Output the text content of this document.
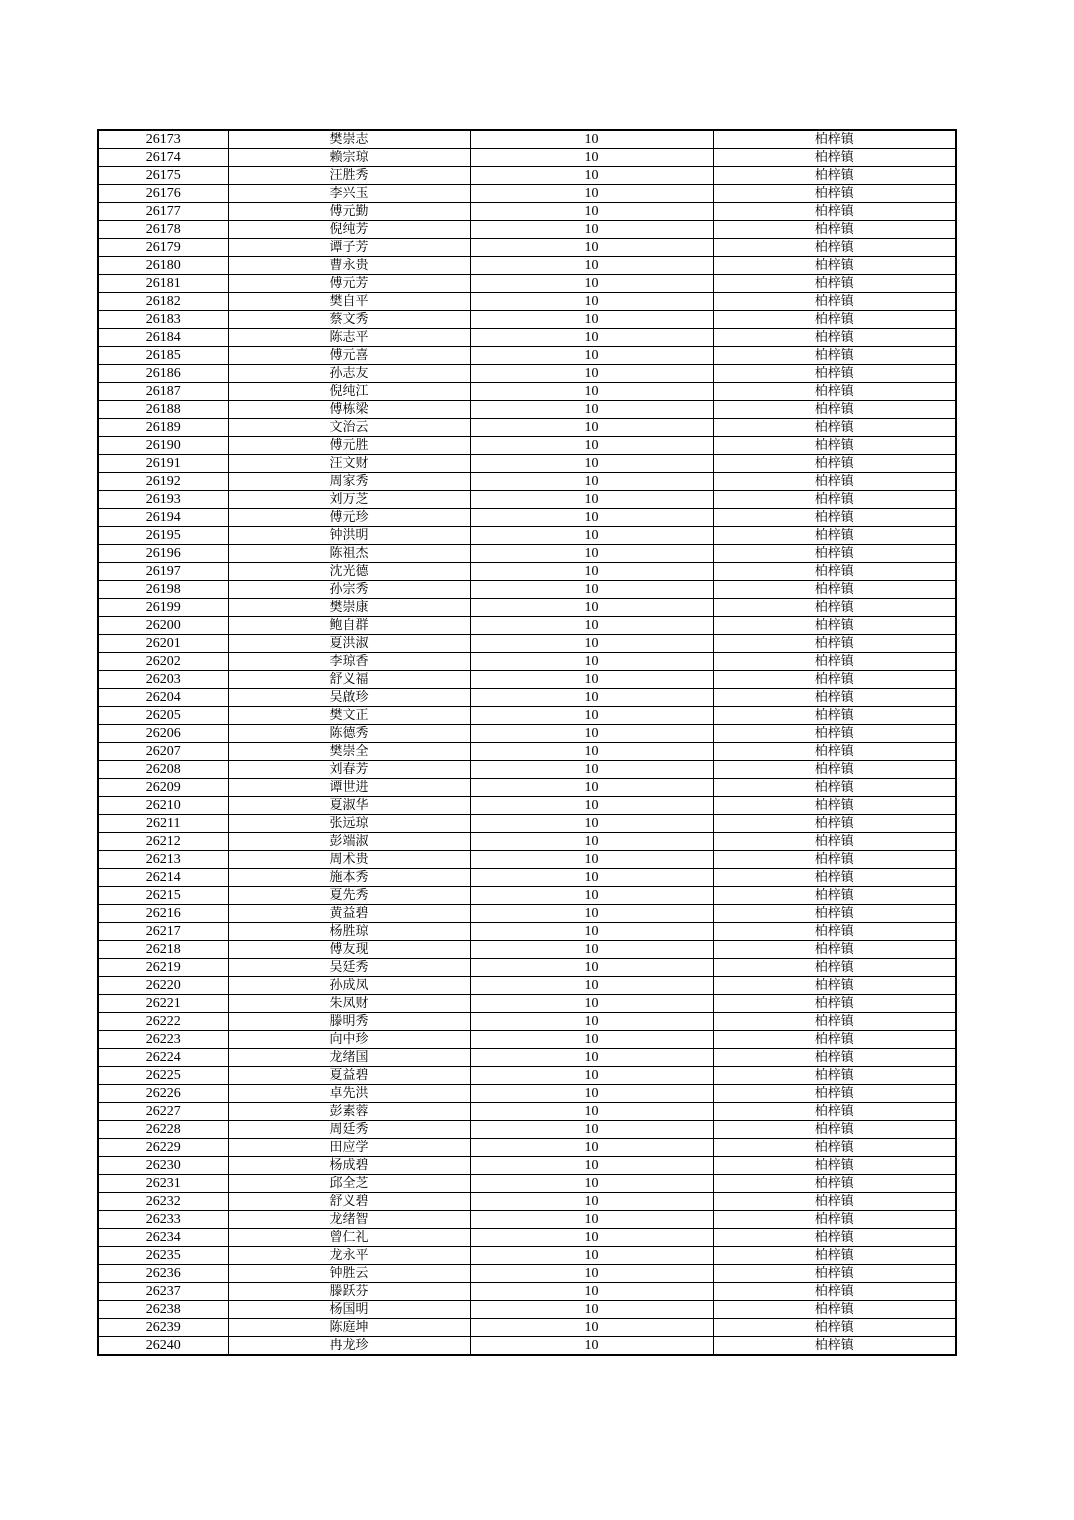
26173	樊崇志	10	柏梓镇
26174	赖宗琼	10	柏梓镇
26175	汪胜秀	10	柏梓镇
26176	李兴玉	10	柏梓镇
26177	傅元勤	10	柏梓镇
26178	倪纯芳	10	柏梓镇
26179	谭子芳	10	柏梓镇
26180	曹永贵	10	柏梓镇
26181	傅元芳	10	柏梓镇
26182	樊自平	10	柏梓镇
26183	蔡文秀	10	柏梓镇
26184	陈志平	10	柏梓镇
26185	傅元喜	10	柏梓镇
26186	孙志友	10	柏梓镇
26187	倪纯江	10	柏梓镇
26188	傅栋梁	10	柏梓镇
26189	文治云	10	柏梓镇
26190	傅元胜	10	柏梓镇
26191	汪文财	10	柏梓镇
26192	周家秀	10	柏梓镇
26193	刘万芝	10	柏梓镇
26194	傅元珍	10	柏梓镇
26195	钟洪明	10	柏梓镇
26196	陈祖杰	10	柏梓镇
26197	沈光德	10	柏梓镇
26198	孙宗秀	10	柏梓镇
26199	樊崇康	10	柏梓镇
26200	鲍自群	10	柏梓镇
26201	夏洪淑	10	柏梓镇
26202	李琼香	10	柏梓镇
26203	舒义福	10	柏梓镇
26204	吴啟珍	10	柏梓镇
26205	樊文正	10	柏梓镇
26206	陈德秀	10	柏梓镇
26207	樊崇全	10	柏梓镇
26208	刘春芳	10	柏梓镇
26209	谭世进	10	柏梓镇
26210	夏淑华	10	柏梓镇
26211	张远琼	10	柏梓镇
26212	彭端淑	10	柏梓镇
26213	周术贵	10	柏梓镇
26214	施本秀	10	柏梓镇
26215	夏先秀	10	柏梓镇
26216	黄益碧	10	柏梓镇
26217	杨胜琼	10	柏梓镇
26218	傅友现	10	柏梓镇
26219	吴廷秀	10	柏梓镇
26220	孙成凤	10	柏梓镇
26221	朱凤财	10	柏梓镇
26222	滕明秀	10	柏梓镇
26223	向中珍	10	柏梓镇
26224	龙绪国	10	柏梓镇
26225	夏益碧	10	柏梓镇
26226	卓先洪	10	柏梓镇
26227	彭素蓉	10	柏梓镇
26228	周廷秀	10	柏梓镇
26229	田应学	10	柏梓镇
26230	杨成碧	10	柏梓镇
26231	邱全芝	10	柏梓镇
26232	舒义碧	10	柏梓镇
26233	龙绪智	10	柏梓镇
26234	曾仁礼	10	柏梓镇
26235	龙永平	10	柏梓镇
26236	钟胜云	10	柏梓镇
26237	滕跃芬	10	柏梓镇
26238	杨国明	10	柏梓镇
26239	陈庭坤	10	柏梓镇
26240	冉龙珍	10	柏梓镇
